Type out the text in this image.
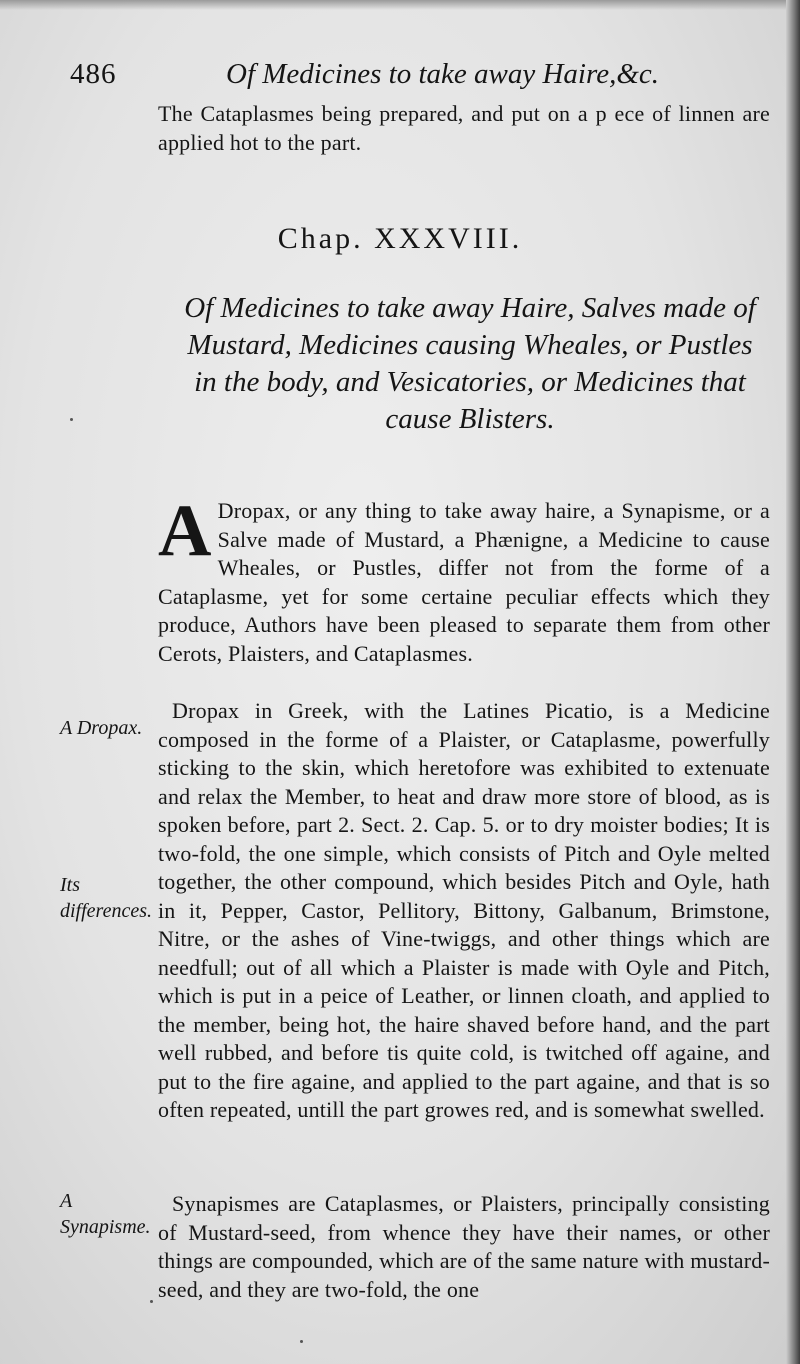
486	Of Medicines to take away Haire,&c.
The Cataplasmes being prepared, and put on a p ece of linnen are applied hot to the part.
Chap. XXXVIII.
Of Medicines to take away Haire, Salves made of Mustard, Medicines causing Wheales, or Pustles in the body, and Vesicatories, or Medicines that cause Blisters.
A Dropax, or any thing to take away haire, a Synapisme, or a Salve made of Mustard, a Phænigne, a Medicine to cause Wheales, or Pustles, differ not from the forme of a Cataplasme, yet for some certaine peculiar effects which they produce, Authors have been pleased to separate them from other Cerots, Plaisters, and Cataplasmes.
Dropax in Greek, with the Latines Picatio, is a Medicine composed in the forme of a Plaister, or Cataplasme, powerfully sticking to the skin, which heretofore was exhibited to extenuate and relax the Member, to heat and draw more store of blood, as is spoken before, part 2. Sect. 2. Cap. 5. or to dry moister bodies; It is two-fold, the one simple, which consists of Pitch and Oyle melted together, the other compound, which besides Pitch and Oyle, hath in it, Pepper, Castor, Pellitory, Bittony, Galbanum, Brimstone, Nitre, or the ashes of Vine-twiggs, and other things which are needfull; out of all which a Plaister is made with Oyle and Pitch, which is put in a peice of Leather, or linnen cloath, and applied to the member, being hot, the haire shaved before hand, and the part well rubbed, and before tis quite cold, is twitched off againe, and put to the fire againe, and applied to the part againe, and that is so often repeated, untill the part growes red, and is somewhat swelled.
Synapismes are Cataplasmes, or Plaisters, principally consisting of Mustard-seed, from whence they have their names, or other things are compounded, which are of the same nature with mustard-seed, and they are two-fold, the one
A Dropax.
Its differences.
A Synapisme.
